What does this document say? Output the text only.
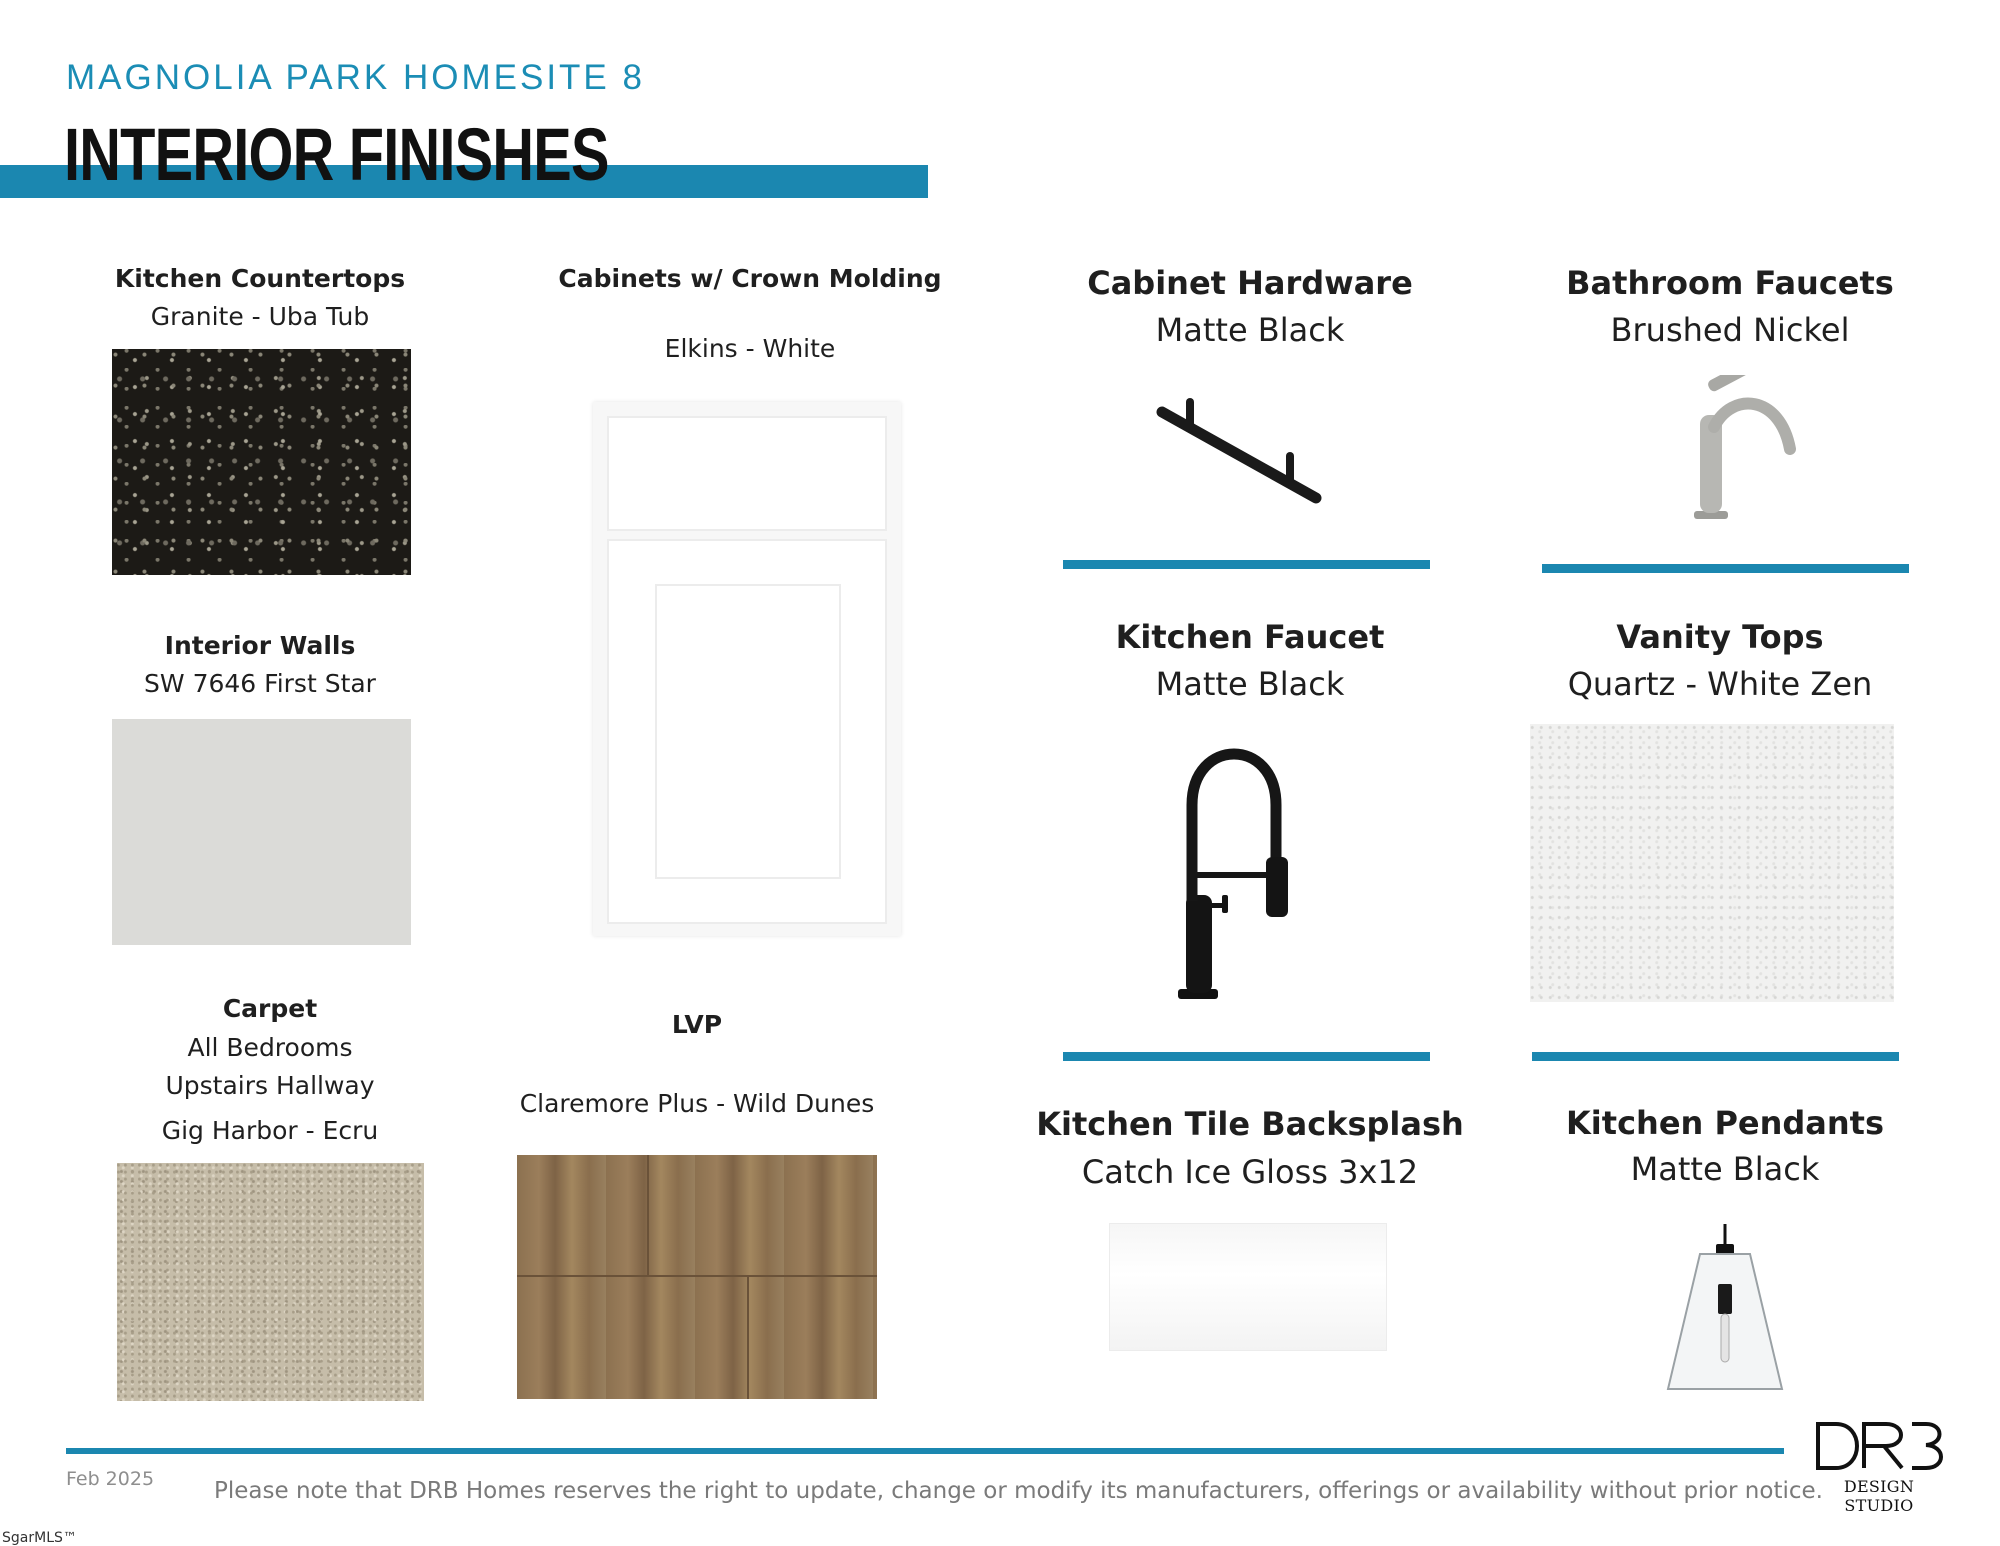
MAGNOLIA PARK HOMESITE 8
INTERIOR FINISHES
Kitchen Countertops
Granite - Uba Tub
Cabinets w/ Crown Molding
Elkins - White
Cabinet Hardware
Matte Black
Bathroom Faucets
Brushed Nickel
Interior Walls
SW 7646 First Star
Kitchen Faucet
Matte Black
Vanity Tops
Quartz - White Zen
Carpet
All Bedrooms
Upstairs Hallway
Gig Harbor - Ecru
LVP
Claremore Plus - Wild Dunes
Kitchen Tile Backsplash
Catch Ice Gloss 3x12
Kitchen Pendants
Matte Black
Feb 2025	Please note that DRB Homes reserves the right to update, change or modify its manufacturers, offerings or availability without prior notice.	DESIGN STUDIO
SgarMLS™
